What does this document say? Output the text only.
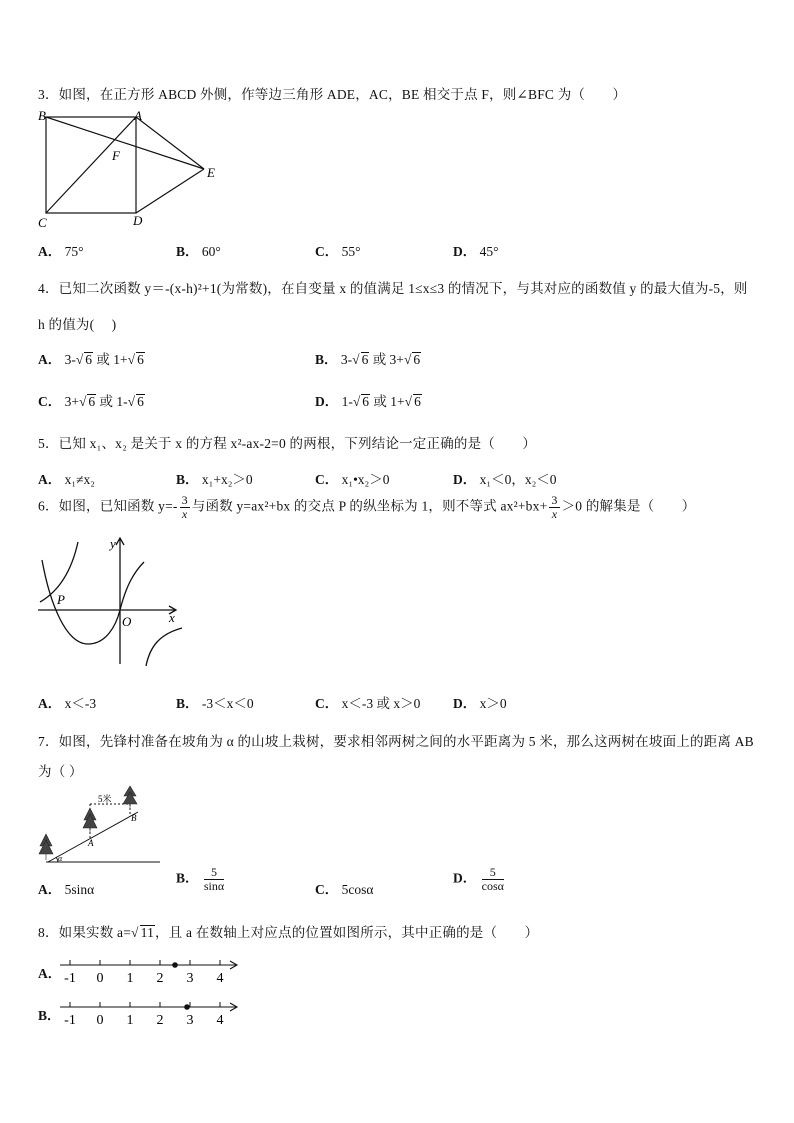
3．如图，在正方形 ABCD 外侧，作等边三角形 ADE，AC，BE 相交于点 F，则∠BFC 为（　　）
B	A
F
E
C	D
A． 75°	B． 60°	C． 55°	D． 45°
4．已知二次函数 y＝-(x-h)²+1(为常数)，在自变量 x 的值满足 1≤x≤3 的情况下，与其对应的函数值 y 的最大值为-5，则
h 的值为(　 )
A． 3-√ 6 或 1+√ 6	B． 3-√ 6 或 3+√ 6
C． 3+√ 6 或 1-√ 6	D． 1-√ 6 或 1+√ 6
5．已知 x₁、x₂ 是关于 x 的方程 x²-ax-2=0 的两根，下列结论一定正确的是（　　）
A． x₁≠x₂	B． x₁+x₂＞0	C． x₁•x₂＞0	D． x₁＜0，x₂＜0
6．如图，已知函数 $y=- \frac{3}{x}$ 与函数 y=ax²+bx 的交点 P 的纵坐标为 1，则不等式 $ax^2+bx+ \frac{3}{x} >0$ 的解集是（　　）
y
x
O
P
A． x＜-3	B． -3＜x＜0	C． x＜-3 或 x＞0 D． x＞0
7．如图，先锋村准备在坡角为 α 的山坡上栽树，要求相邻两树之间的水平距离为 5 米，那么这两树在坡面上的距离 AB
为（ ）
5米
A
B
α
A． 5sinα
B． $\frac{5}{\sin\alpha}$	C． 5cosα
D． $\frac{5}{\cos\alpha}$
8．如果实数 a=√ 11，且 a 在数轴上对应点的位置如图所示，其中正确的是（　　）
A． -1 0 1 2 3 4
B． -1 0 1 2 3 4
